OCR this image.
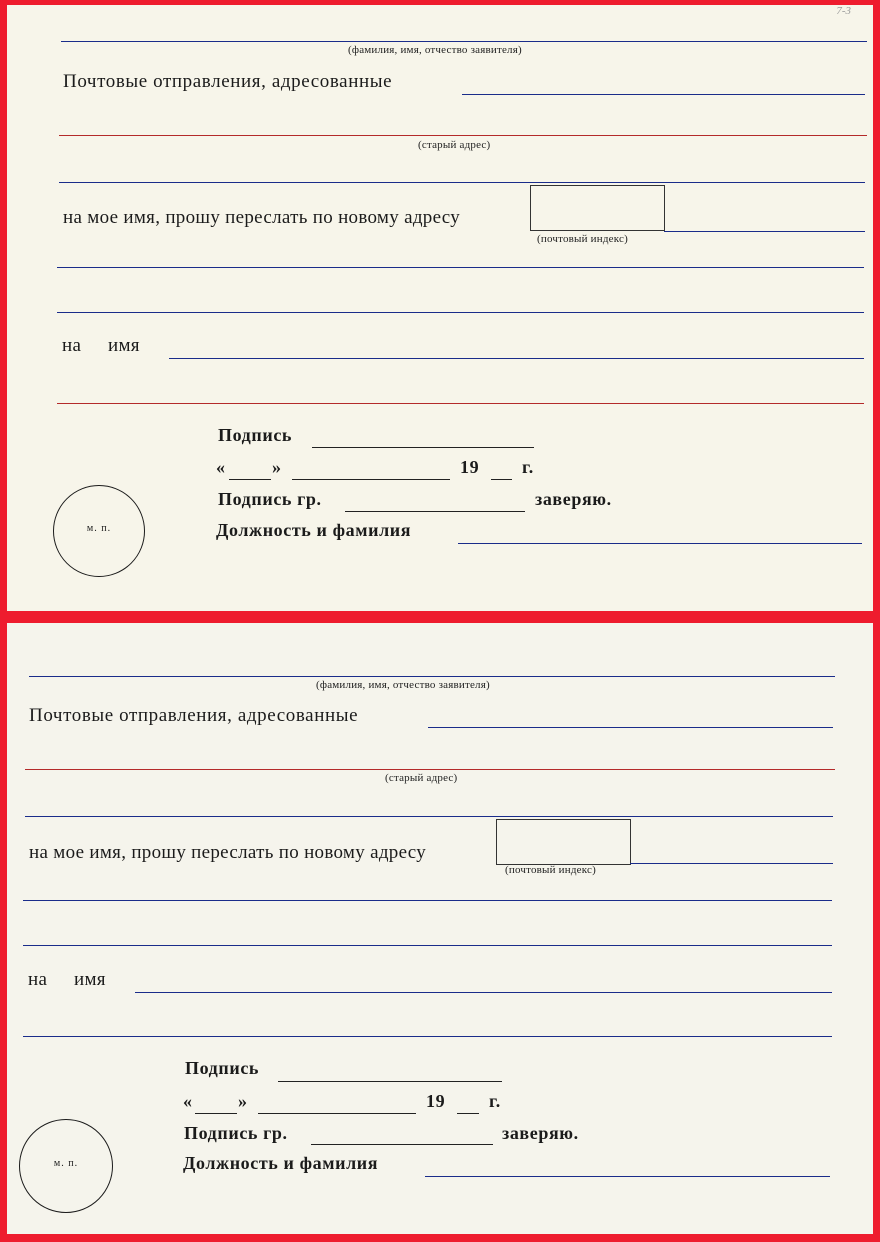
7-3
(фамилия, имя, отчество заявителя)
Почтовые отправления, адресованные
(старый адрес)
на мое имя, прошу переслать по новому адресу
(почтовый индекс)
на имя
Подпись
«	»	19 г.
Подпись гр.	заверяю.
м. п.	Должность и фамилия
(фамилия, имя, отчество заявителя)
Почтовые отправления, адресованные
(старый адрес)
на мое имя, прошу переслать по новому адресу
(почтовый индекс)
на имя
Подпись
«	»	19 г.
Подпись гр.	заверяю.
м. п.	Должность и фамилия
